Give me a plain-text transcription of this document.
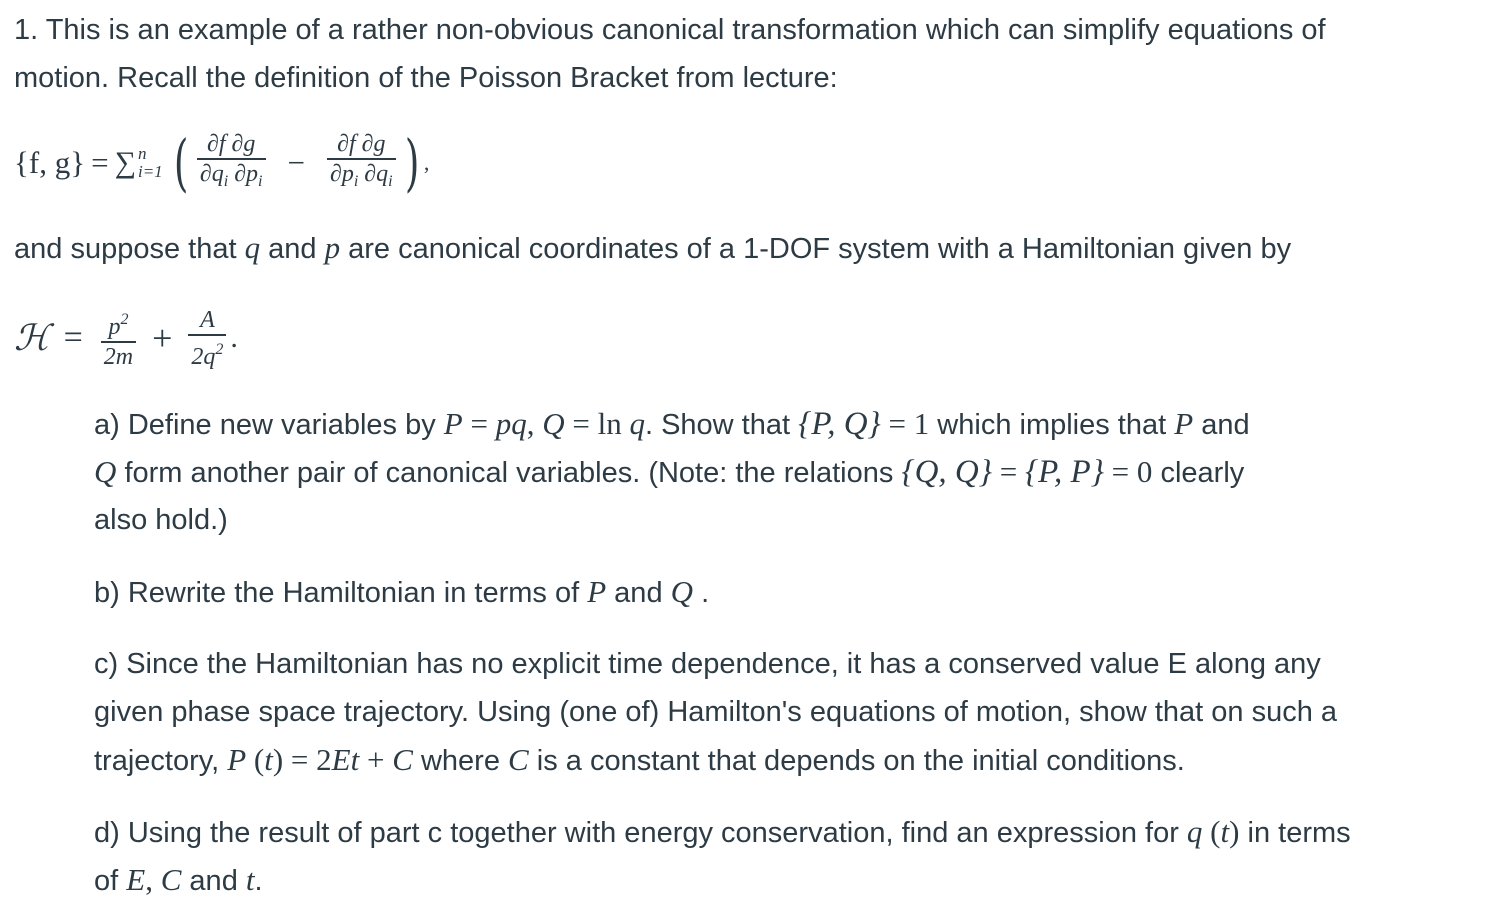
1. This is an example of a rather non-obvious canonical transformation which can simplify equations of
motion. Recall the definition of the Poisson Bracket from lecture:
{f, g} = ∑ n
i=1 ( $\frac{\partial f \partial g}{\partial q_i \partial p_i} - \frac{\partial f \partial g}{\partial p_i \partial q_i}$ ) ,
and suppose that q and p are canonical coordinates of a 1-DOF system with a Hamiltonian given by
ℋ = $\frac{p^2}{2m} + \frac{A}{2q^2}$ .
a) Define new variables by P = pq, Q = ln q. Show that {P, Q} = 1 which implies that P and
Q form another pair of canonical variables. (Note: the relations {Q, Q} = {P, P} = 0 clearly
also hold.)
b) Rewrite the Hamiltonian in terms of P and Q .
c) Since the Hamiltonian has no explicit time dependence, it has a conserved value E along any
given phase space trajectory. Using (one of) Hamilton's equations of motion, show that on such a
trajectory, P (t) = 2Et + C where C is a constant that depends on the initial conditions.
d) Using the result of part c together with energy conservation, find an expression for q (t) in terms
of E, C and t.
